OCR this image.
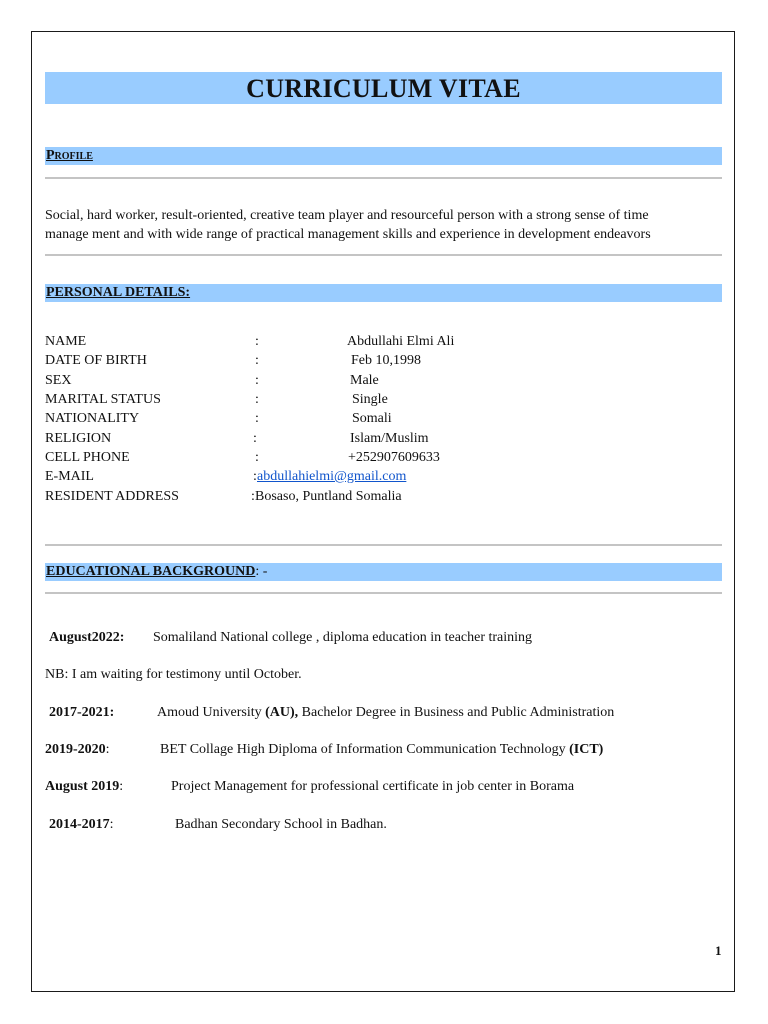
CURRICULUM VITAE
Profile
Social, hard worker, result-oriented, creative team player and resourceful person with a strong sense of time
manage ment and with wide range of practical management skills and experience in development endeavors
PERSONAL DETAILS:
NAME	:	Abdullahi Elmi Ali
DATE OF BIRTH	:	Feb 10,1998
SEX	:	Male
MARITAL STATUS	:	Single
NATIONALITY	:	Somali
RELIGION	:	Islam/Muslim
CELL PHONE	:	+252907609633
E-MAIL	: abdullahielmi@gmail.com
RESIDENT ADDRESS	: Bosaso, Puntland Somalia
EDUCATIONAL BACKGROUND: -
August2022: Somaliland National college , diploma education in teacher training
NB: I am waiting for testimony until October.
2017-2021:	Amoud University (AU), Bachelor Degree in Business and Public Administration
2019-2020:	BET Collage High Diploma of Information Communication Technology (ICT)
August 2019:	Project Management for professional certificate in job center in Borama
2014-2017:	Badhan Secondary School in Badhan.
1
